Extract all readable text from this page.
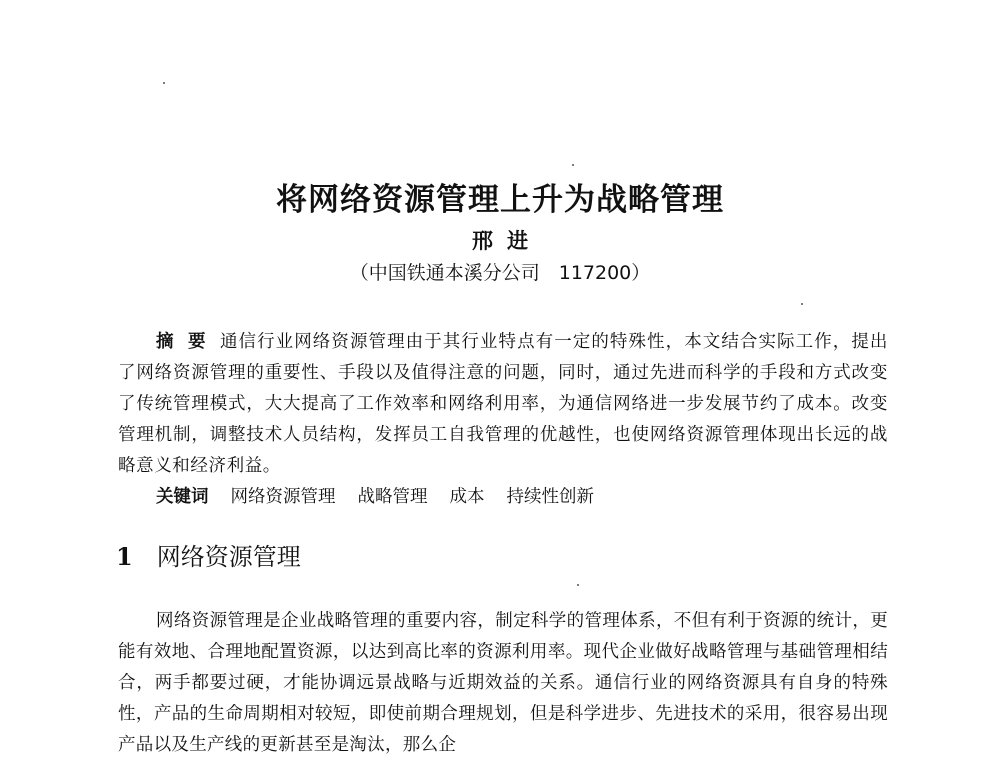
将网络资源管理上升为战略管理
邢进
（中国铁通本溪分公司　117200）

摘要通信行业网络资源管理由于其行业特点有一定的特殊性，本文结合实际工作，提出了网络资源管理的重要性、手段以及值得注意的问题，同时，通过先进而科学的手段和方式改变了传统管理模式，大大提高了工作效率和网络利用率，为通信网络进一步发展节约了成本。改变管理机制，调整技术人员结构，发挥员工自我管理的优越性，也使网络资源管理体现出长远的战略意义和经济利益。

关键词 网络资源管理 战略管理 成本 持续性创新
1 网络资源管理

网络资源管理是企业战略管理的重要内容，制定科学的管理体系，不但有利于资源的统计，更能有效地、合理地配置资源，以达到高比率的资源利用率。现代企业做好战略管理与基础管理相结合，两手都要过硬，才能协调远景战略与近期效益的关系。通信行业的网络资源具有自身的特殊性，产品的生命周期相对较短，即使前期合理规划，但是科学进步、先进技术的采用，很容易出现产品以及生产线的更新甚至是淘汰，那么企
